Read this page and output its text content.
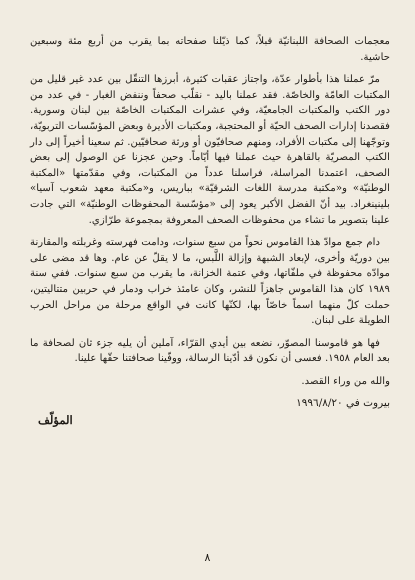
معجمات الصحافة اللبنانيّة قبلاً، كما ذيّلنا صفحاته بما يقرب من أربع مئة وسبعين حاشية.

مرّ عملنا هذا بأطوار عدّة، واجتاز عقبات كثيرة، أبرزها التنقّل بين عدد غير قليل من المكتبات العامّة والخاصّة. فقد عملنا باليد - نقلّب صحفاً وننفض الغبار - في عدد من دور الكتب والمكتبات الجامعيّة، وفي عشرات المكتبات الخاصّة بين لبنان وسورية. فقصدنا إدارات الصحف الحيّة أو المحتجبة، ومكتبات الأديرة وبعض المؤسّسات التربويّة، وتوجّهنا إلى مكتبات الأفراد، ومنهم صحافيّون أو ورثة صحافيّين. ثم سعينا أخيراً إلى دار الكتب المصريّة بالقاهرة حيث عملنا فيها أيّاماً. وحين عجزنا عن الوصول إلى بعض الصحف، اعتمدنا المراسلة، فراسلنا عدداً من المكتبات، وفي مقدّمتها «المكتبة الوطنيّة» و«مكتبة مدرسة اللغات الشرقيّة» بباريس، و«مكتبة معهد شعوب آسيا» بلينينغراد. بيد أنّ الفضل الأكبر يعود إلى «مؤسّسة المحفوظات الوطنيّة» التي جادت علينا بتصوير ما تشاء من محفوظات الصحف المعروفة بمجموعة طرّازي.

دام جمع موادّ هذا القاموس نحواً من سبع سنوات، ودامت فهرسته وغربلته والمقارنة بين دوريّة وأخرى، لإبعاد الشبهة وإزالة اللَّبس، ما لا يقلّ عن عام. وها قد مضى على موادّه محفوظة في ملفّاتها، وفي عتمة الخزانة، ما يقرب من سبع سنوات. ففي سنة ١٩٨٩ كان هذا القاموس جاهزاً للنشر، وكان عامئذ خراب ودمار في حربين متتاليتين، حملت كلّ منهما اسماً خاصّاً بها، لكنّها كانت في الواقع مرحلة من مراحل الحرب الطويلة على لبنان.

فها هو قاموسنا المصوّر، نضعه بين أيدي القرّاء، آملين أن يليه جزء ثان لصحافة ما بعد العام ١٩٥٨. فعسى أن نكون قد أدّينا الرسالة، ووفّينا صحافتنا حقّها علينا.

والله من وراء القصد.

بيروت في ١٩٩٦/٨/٢٠

المؤلّف

٨
